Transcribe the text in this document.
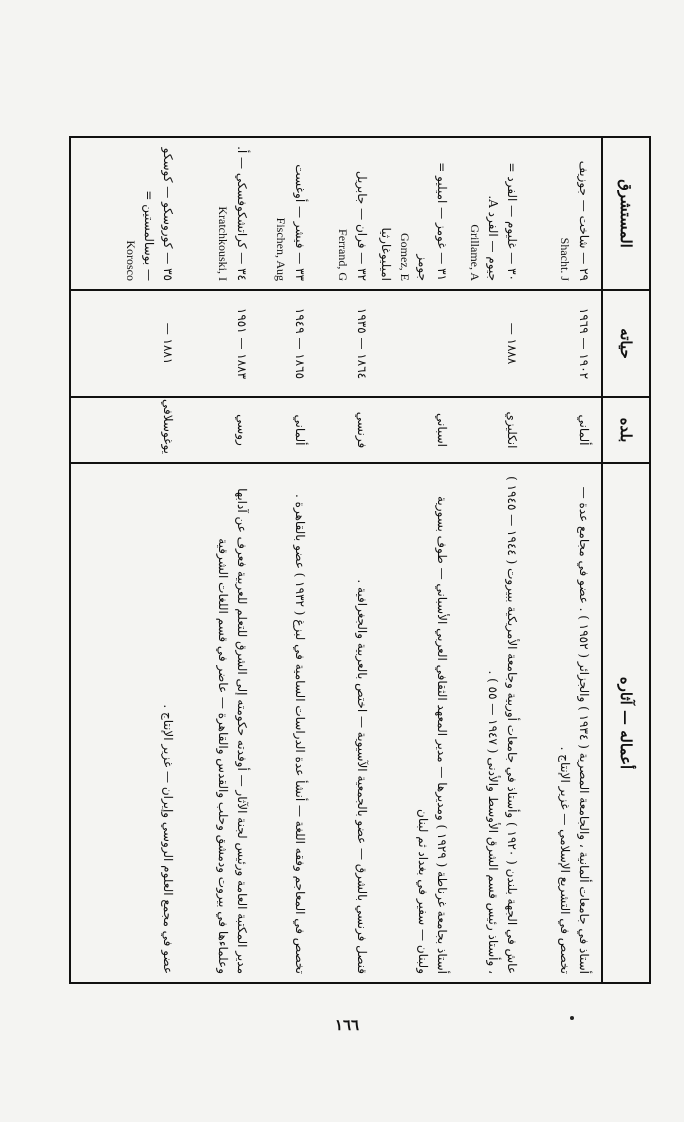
المستشرق
٢٩ — شاخت — جوزيف
Shacht. J
٣٠ — غليوم — الفرد = جيوم — الفرد A.
Grillame, A
٣١ — غومز — اميليو = جومز
Gomez, E
اميليوغارثيا
٣٢ — فران — جابريل
Ferrand, G
٣٣ — فيشر — أوغست
Fischen, Aug
٣٤ — كراتشكوفسكي — أ.
Kratchkouski, I
٣٥ — كوروسكو — كوسكو — بوسالمستين =
Korosco
حياته
١٩٠٢ — ١٩٦٩
١٨٨٨ —
١٨٦٤ — ١٩٣٥
١٨٦٥ — ١٩٤٩
١٨٨٣ — ١٩٥١
١٨٨١ —
بلده
ألماني
انكليزي
اسباني
فرنسي
ألماني
روسي
يوغوسلافي
أعماله — آثاره
أستاذ في جامعات ألمانية ، والجامعة المصرية ( ١٩٣٤ ) والجزائر ( ١٩٥٢ ) . عضو في مجامع عدة — تخصص في التشريع الإسلامي — غزير الإنتاج .
عاش في الجهة بلندن ( ١٩٢٠ ) وأستاذ في جامعات أوربية وجامعة الأمريكية ببيروت ( ١٩٤٤ — ١٩٤٥ ) ، وأستاذ رئيس قسم الشرق الأوسط والأدنى ( ١٩٤٧ — ٥٥ ) .
أستاذ بجامعة غرناطة ( ١٩٢٩ ) ومديرها — مدير المعهد الثقافي العربي الأسباني — طوف بسورية ولبنان — سفير في بغداد ثم لبنان
قنصل فرنسي بالشرق — عضو بالجمعية الآسيوية — اختص بالعربية والجغرافية .
تخصص في المعاجم وفقه اللغة — أنشأ عدة الدراسات السامية في لبزغ ( ١٩٣٢ ) عضو بالقاهرة .
مدير المكتبة العامة ورئيس لجنة الآثار — أوفدته حكومته إلى الشرق للتعلم للعربية فعرف عن آدابها وعلماءها في بيروت ودمشق وحلب والقدس والقاهرة — عاضر في قسم اللغات الشرقية
عضو في مجمع العلوم الروسي وإيران — غزير الإنتاج .
١٦٦
